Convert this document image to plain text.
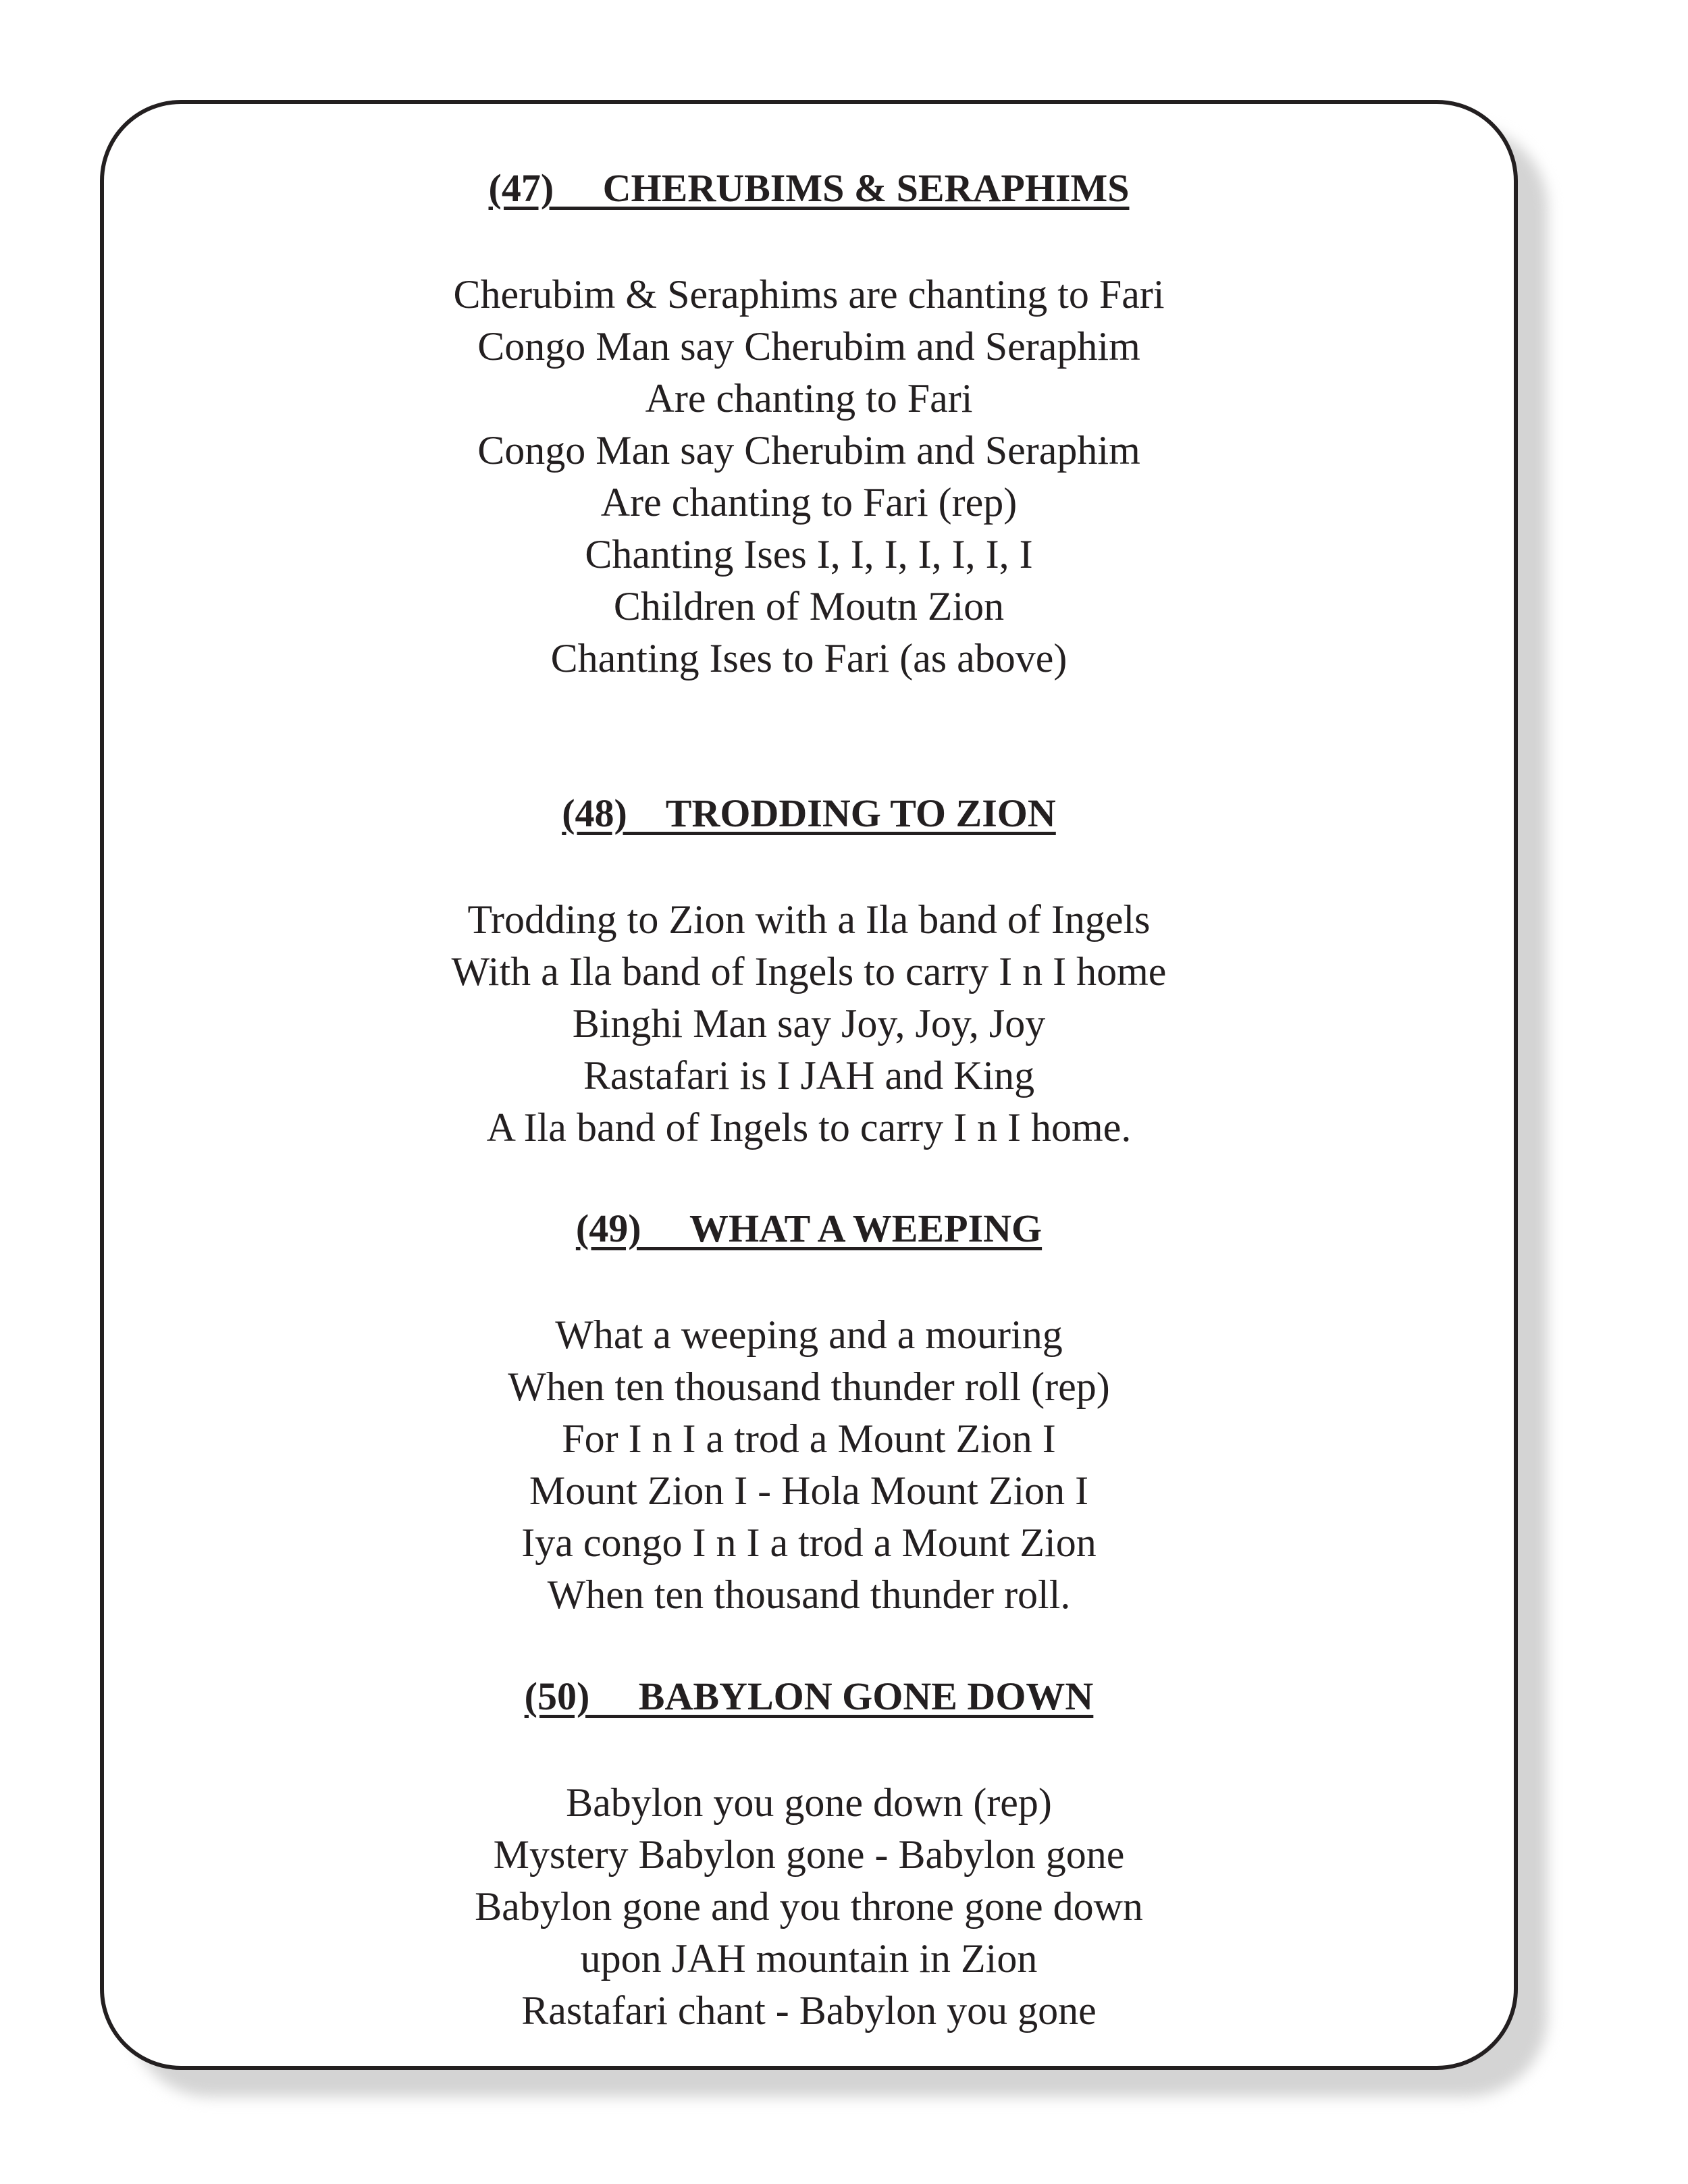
(47)     CHERUBIMS & SERAPHIMS
Cherubim & Seraphims are chanting to Fari
Congo Man say Cherubim and Seraphim
Are chanting to Fari
Congo Man say Cherubim and Seraphim
Are chanting to Fari (rep)
Chanting Ises I, I, I, I, I, I, I
Children of Moutn Zion
Chanting Ises to Fari (as above)
(48)    TRODDING TO ZION
Trodding to Zion with a Ila band of Ingels
With a Ila band of Ingels to carry I n I home
Binghi Man say Joy, Joy, Joy
Rastafari is I JAH and King
A Ila band of Ingels to carry I n I home.
(49)     WHAT A WEEPING
What a weeping and a mouring
When ten thousand thunder roll (rep)
For I n I a trod a Mount Zion I
Mount Zion I - Hola Mount Zion I
Iya congo I n I a trod a Mount Zion
When ten thousand thunder roll.
(50)     BABYLON GONE DOWN
Babylon you gone down (rep)
Mystery Babylon gone - Babylon gone
Babylon gone and you throne gone down
upon JAH mountain in Zion
Rastafari chant - Babylon you gone
